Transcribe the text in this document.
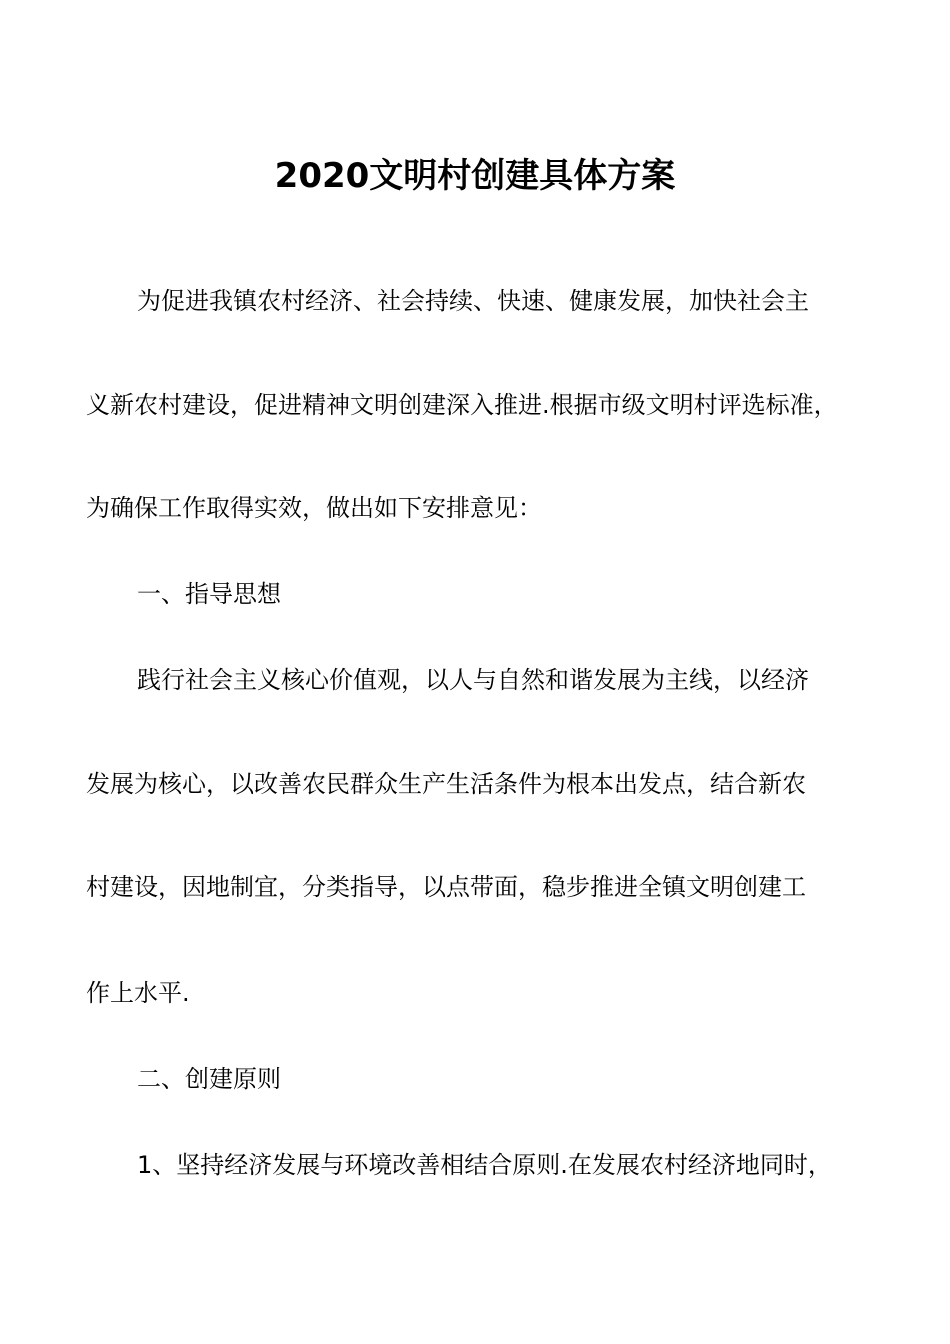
2020文明村创建具体方案
为促进我镇农村经济、社会持续、快速、健康发展，加快社会主
义新农村建设，促进精神文明创建深入推进.根据市级文明村评选标准，
为确保工作取得实效，做出如下安排意见：
一、指导思想
践行社会主义核心价值观，以人与自然和谐发展为主线，以经济
发展为核心，以改善农民群众生产生活条件为根本出发点，结合新农
村建设，因地制宜，分类指导，以点带面，稳步推进全镇文明创建工
作上水平.
二、创建原则
1、坚持经济发展与环境改善相结合原则.在发展农村经济地同时，
